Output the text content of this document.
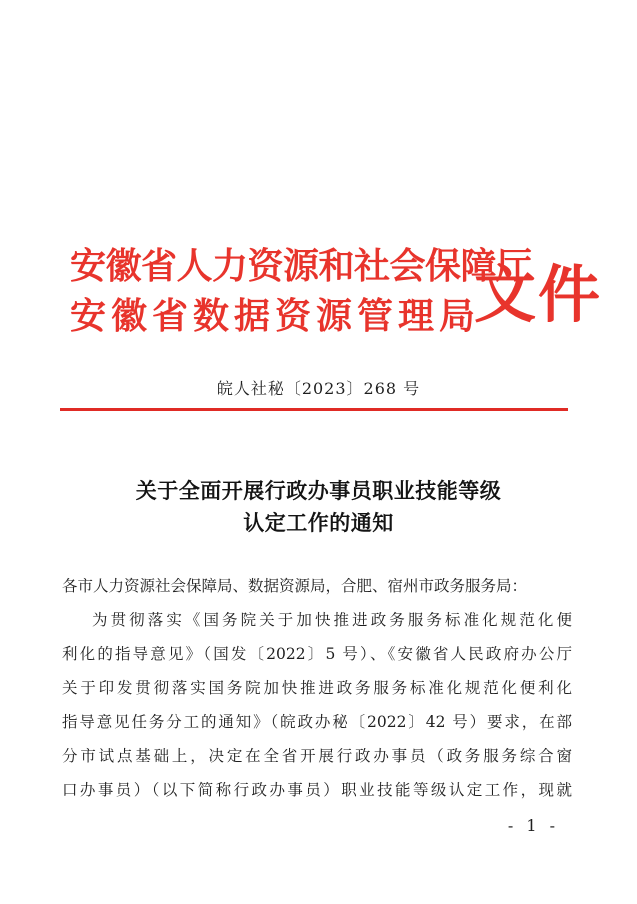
安徽省人力资源和社会保障厅
安徽省数据资源管理局
文件
皖人社秘〔2023〕268 号
关于全面开展行政办事员职业技能等级
认定工作的通知
各市人力资源社会保障局、数据资源局，合肥、宿州市政务服务局：
为贯彻落实《国务院关于加快推进政务服务标准化规范化便
利化的指导意见》（国发〔2022〕5 号）、《安徽省人民政府办公厅
关于印发贯彻落实国务院加快推进政务服务标准化规范化便利化
指导意见任务分工的通知》（皖政办秘〔2022〕42 号）要求，在部
分市试点基础上，决定在全省开展行政办事员（政务服务综合窗
口办事员）（以下简称行政办事员）职业技能等级认定工作，现就
- 1 -
